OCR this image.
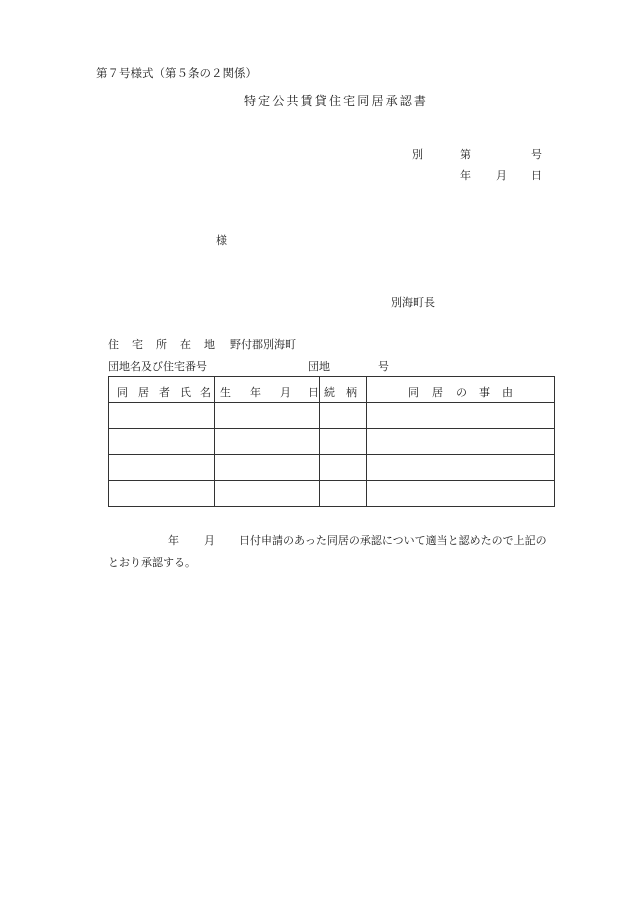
第７号様式（第５条の２関係）
特定公共賃貸住宅同居承認書
別	第	号
年 月 日
様
別海町長
住 宅 所 在 地 野付郡別海町
団地名及び住宅番号	団地	号
同 居 者 氏 名	生 年 月 日	続 柄	同 居 の 事 由

年 月 日付申請のあった同居の承認について適当と認めたので上記の
とおり承認する。
